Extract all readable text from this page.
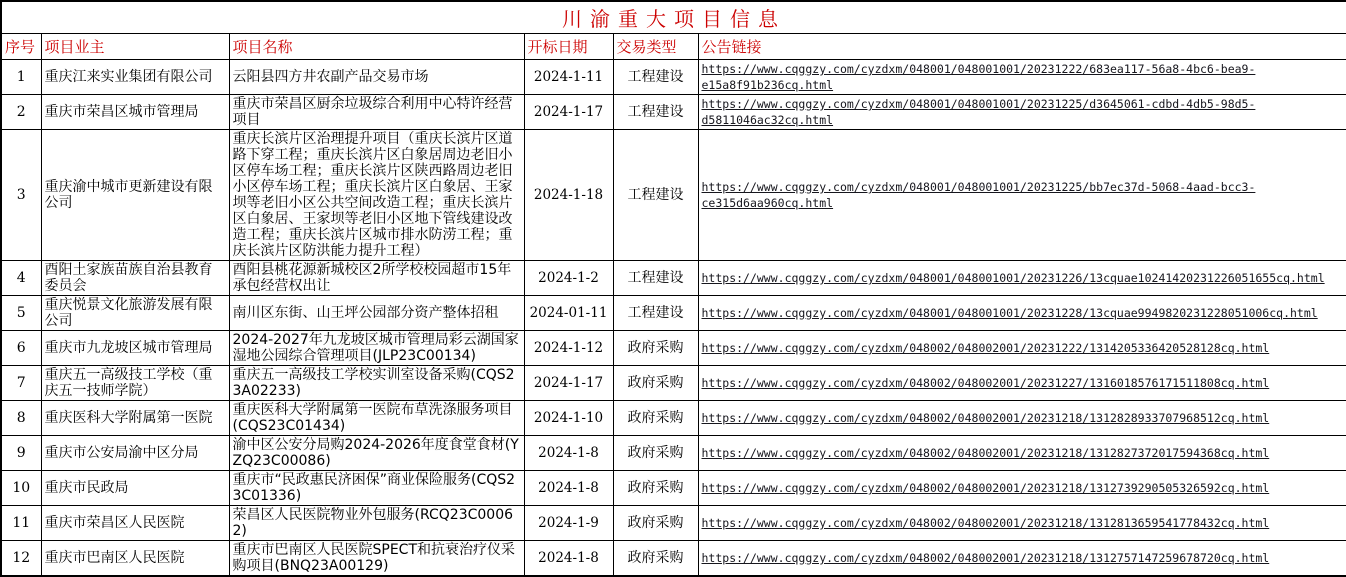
川渝重大项目信息					
序号	项目业主	项目名称	开标日期	交易类型	公告链接
1	重庆江来实业集团有限公司	云阳县四方井农副产品交易市场	2024-1-11	工程建设	https://www.cqggzy.com/cyzdxm/048001/048001001/20231222/683ea117-56a8-4bc6-bea9-e15a8f91b236cq.html
2	重庆市荣昌区城市管理局	重庆市荣昌区厨余垃圾综合利用中心特许经营项目	2024-1-17	工程建设	https://www.cqggzy.com/cyzdxm/048001/048001001/20231225/d3645061-cdbd-4db5-98d5-d5811046ac32cq.html
3	重庆渝中城市更新建设有限公司	重庆长滨片区治理提升项目（重庆长滨片区道路下穿工程；重庆长滨片区白象居周边老旧小区停车场工程；重庆长滨片区陕西路周边老旧小区停车场工程；重庆长滨片区白象居、王家坝等老旧小区公共空间改造工程；重庆长滨片区白象居、王家坝等老旧小区地下管线建设改造工程；重庆长滨片区城市排水防涝工程；重庆长滨片区防洪能力提升工程）	2024-1-18	工程建设	https://www.cqggzy.com/cyzdxm/048001/048001001/20231225/bb7ec37d-5068-4aad-bcc3-ce315d6aa960cq.html
4	酉阳土家族苗族自治县教育委员会	酉阳县桃花源新城校区2所学校校园超市15年承包经营权出让	2024-1-2	工程建设	https://www.cqggzy.com/cyzdxm/048001/048001001/20231226/13cquae10241420231226051655cq.html
5	重庆悦景文化旅游发展有限公司	南川区东街、山王坪公园部分资产整体招租	2024-01-11	工程建设	https://www.cqggzy.com/cyzdxm/048001/048001001/20231228/13cquae9949820231228051006cq.html
6	重庆市九龙坡区城市管理局	2024-2027年九龙坡区城市管理局彩云湖国家湿地公园综合管理项目(JLP23C00134)	2024-1-12	政府采购	https://www.cqggzy.com/cyzdxm/048002/048002001/20231222/1314205336420528128cq.html
7	重庆五一高级技工学校（重庆五一技师学院）	重庆五一高级技工学校实训室设备采购(CQS23A02233)	2024-1-17	政府采购	https://www.cqggzy.com/cyzdxm/048002/048002001/20231227/1316018576171511808cq.html
8	重庆医科大学附属第一医院	重庆医科大学附属第一医院布草洗涤服务项目(CQS23C01434)	2024-1-10	政府采购	https://www.cqggzy.com/cyzdxm/048002/048002001/20231218/1312828933707968512cq.html
9	重庆市公安局渝中区分局	渝中区公安分局购2024-2026年度食堂食材(YZQ23C00086)	2024-1-8	政府采购	https://www.cqggzy.com/cyzdxm/048002/048002001/20231218/1312827372017594368cq.html
10	重庆市民政局	重庆市“民政惠民济困保”商业保险服务(CQS23C01336)	2024-1-8	政府采购	https://www.cqggzy.com/cyzdxm/048002/048002001/20231218/1312739290505326592cq.html
11	重庆市荣昌区人民医院	荣昌区人民医院物业外包服务(RCQ23C00062)	2024-1-9	政府采购	https://www.cqggzy.com/cyzdxm/048002/048002001/20231218/1312813659541778432cq.html
12	重庆市巴南区人民医院	重庆市巴南区人民医院SPECT和抗衰治疗仪采购项目(BNQ23A00129)	2024-1-8	政府采购	https://www.cqggzy.com/cyzdxm/048002/048002001/20231218/1312757147259678720cq.html
